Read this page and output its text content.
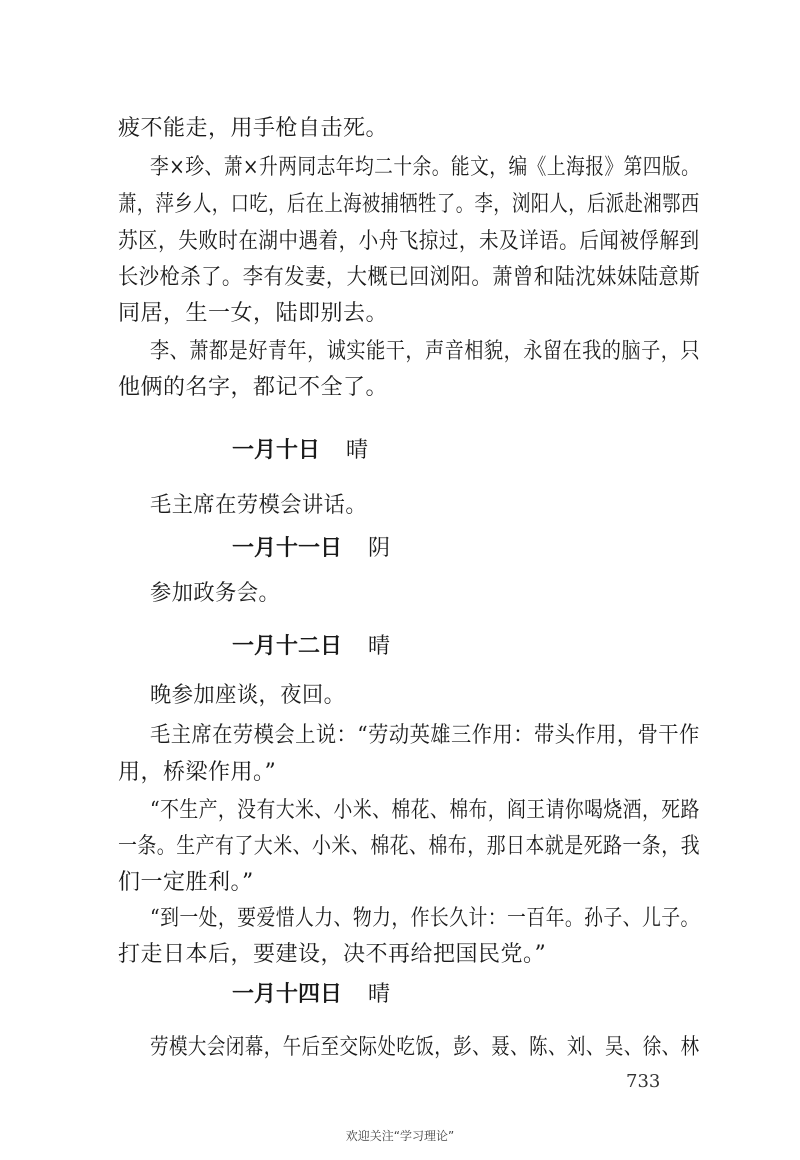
疲不能走，用手枪自击死。
李×珍、萧×升两同志年均二十余。能文，编《上海报》第四版。
萧，萍乡人，口吃，后在上海被捕牺牲了。李，浏阳人，后派赴湘鄂西
苏区，失败时在湖中遇着，小舟飞掠过，未及详语。后闻被俘解到
长沙枪杀了。李有发妻，大概已回浏阳。萧曾和陆沈妹妹陆意斯
同居，生一女，陆即别去。
李、萧都是好青年，诚实能干，声音相貌，永留在我的脑子，只
他俩的名字，都记不全了。
一月十日 晴
毛主席在劳模会讲话。
一月十一日 阴
参加政务会。
一月十二日 晴
晚参加座谈，夜回。
毛主席在劳模会上说：“劳动英雄三作用：带头作用，骨干作
用，桥梁作用。”
“不生产，没有大米、小米、棉花、棉布，阎王请你喝烧酒，死路
一条。生产有了大米、小米、棉花、棉布，那日本就是死路一条，我
们一定胜利。”
“到一处，要爱惜人力、物力，作长久计：一百年。孙子、儿子。
打走日本后，要建设，决不再给把国民党。”
一月十四日 晴
劳模大会闭幕，午后至交际处吃饭，彭、聂、陈、刘、吴、徐、林
733
欢迎关注“学习理论”
